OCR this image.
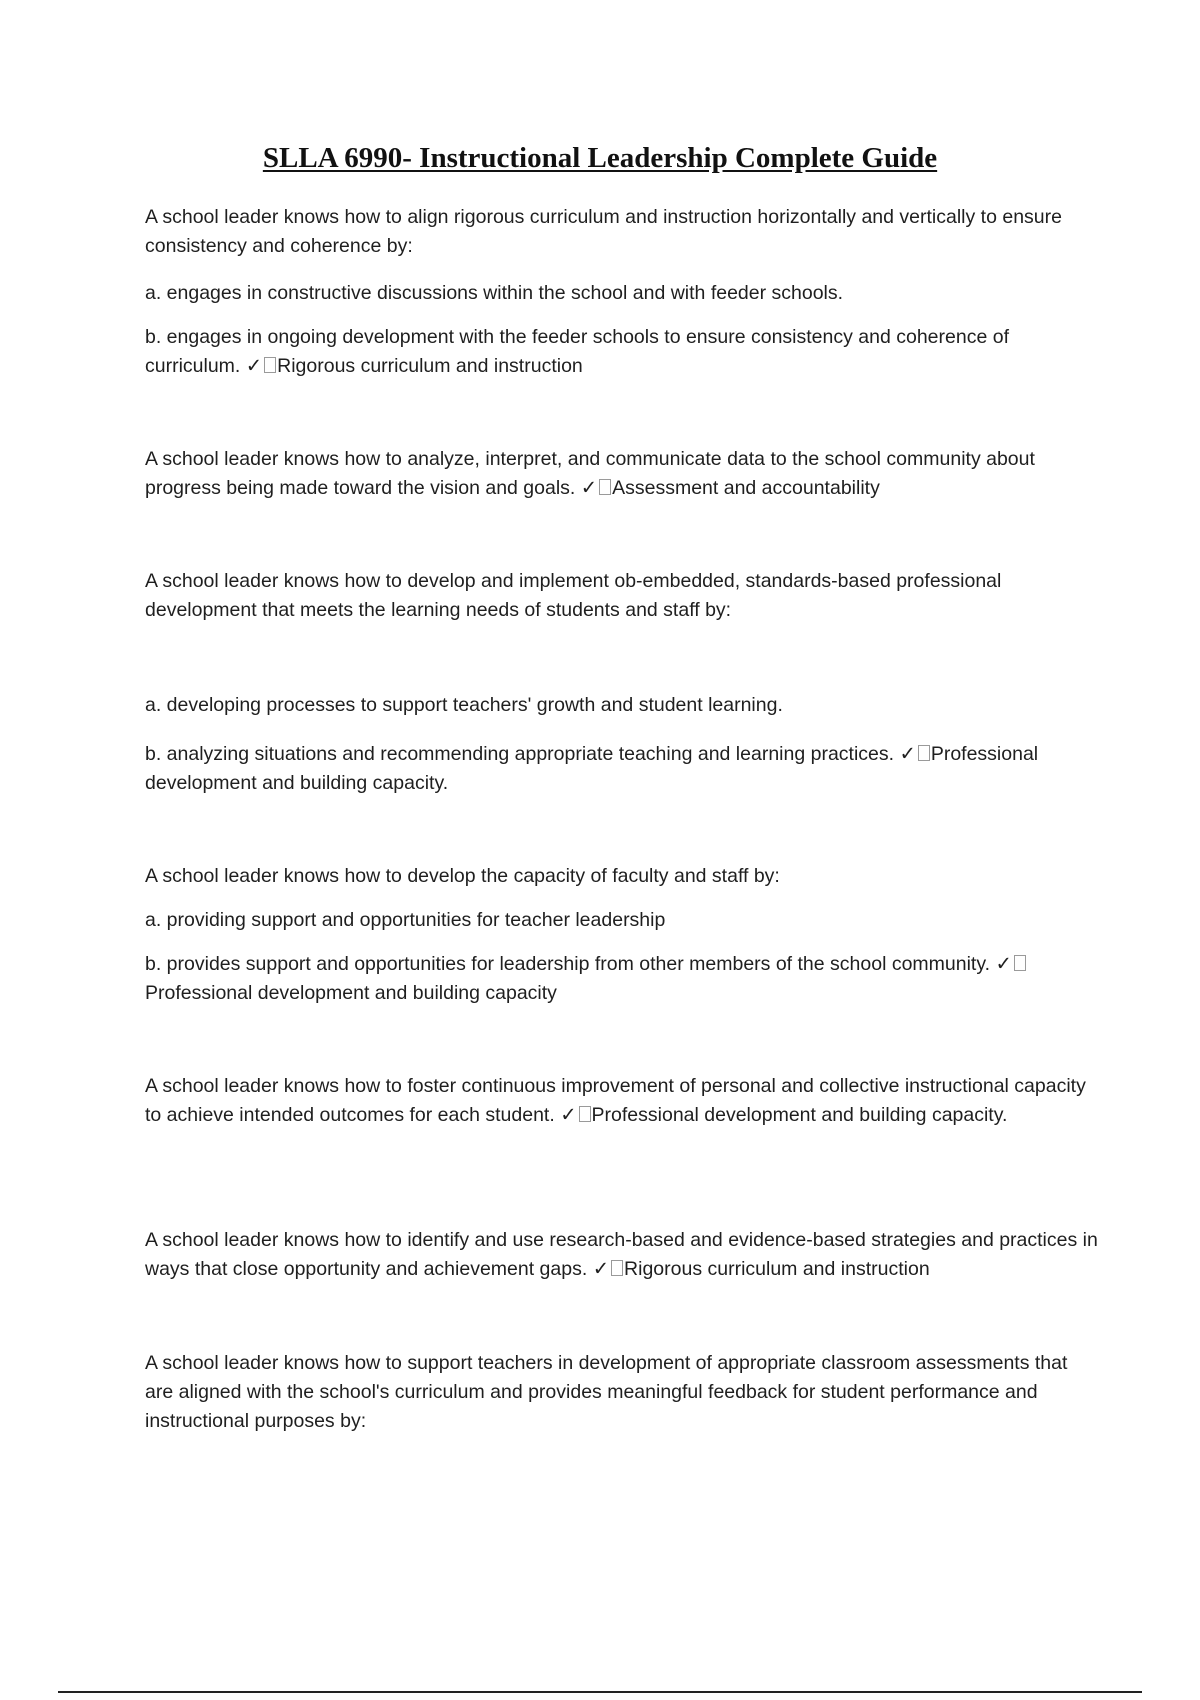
SLLA 6990- Instructional Leadership Complete Guide

A school leader knows how to align rigorous curriculum and instruction horizontally and vertically to ensure consistency and coherence by:

a. engages in constructive discussions within the school and with feeder schools.

b. engages in ongoing development with the feeder schools to ensure consistency and coherence of curriculum. ✓ Rigorous curriculum and instruction

A school leader knows how to analyze, interpret, and communicate data to the school community about progress being made toward the vision and goals. ✓ Assessment and accountability

A school leader knows how to develop and implement ob-embedded, standards-based professional development that meets the learning needs of students and staff by:

a. developing processes to support teachers' growth and student learning.

b. analyzing situations and recommending appropriate teaching and learning practices. ✓ Professional development and building capacity.

A school leader knows how to develop the capacity of faculty and staff by:

a. providing support and opportunities for teacher leadership

b. provides support and opportunities for leadership from other members of the school community. ✓Professional development and building capacity

A school leader knows how to foster continuous improvement of personal and collective instructional capacity to achieve intended outcomes for each student. ✓ Professional development and building capacity.

A school leader knows how to identify and use research-based and evidence-based strategies and practices in ways that close opportunity and achievement gaps. ✓ Rigorous curriculum and instruction

A school leader knows how to support teachers in development of appropriate classroom assessments that are aligned with the school's curriculum and provides meaningful feedback for student performance and instructional purposes by:
